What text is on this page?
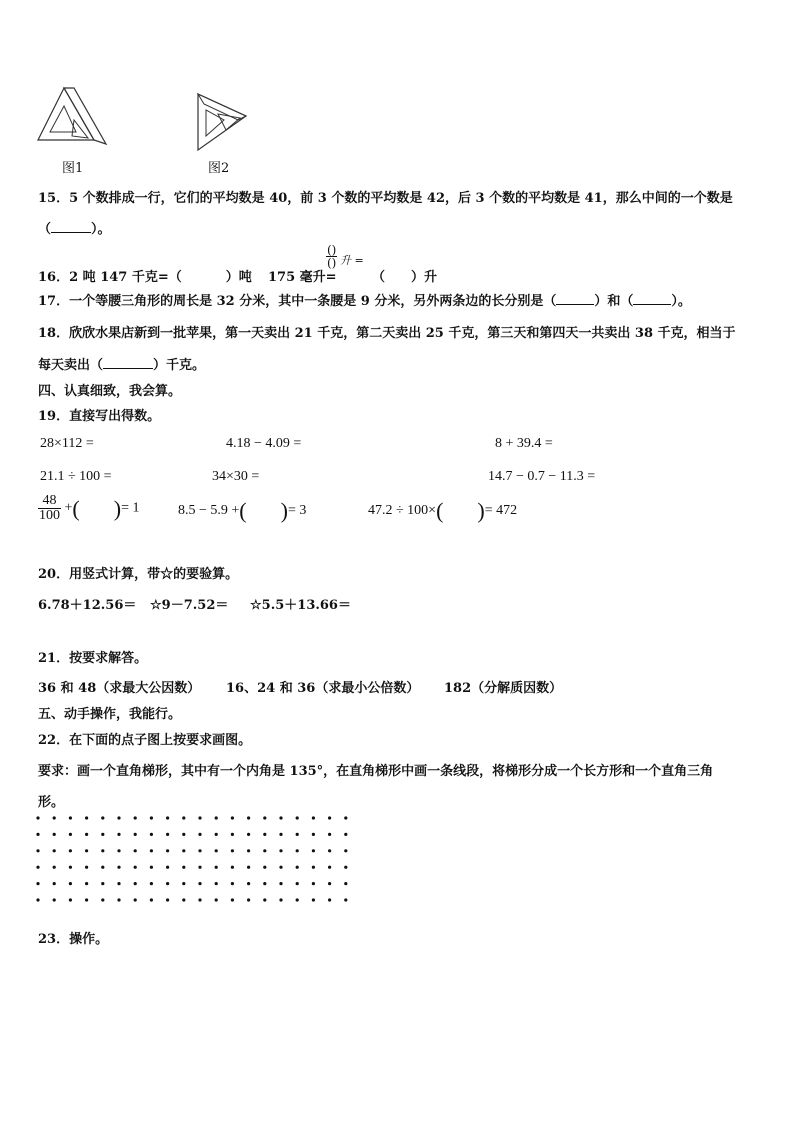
图1	图2
15．5 个数排成一行，它们的平均数是 40，前 3 个数的平均数是 42，后 3 个数的平均数是 41，那么中间的一个数是
（	）。
16．2 吨 147 千克=（	）吨 175 毫升=
()
() 升 =
（　　）升
17．一个等腰三角形的周长是 32 分米，其中一条腰是 9 分米，另外两条边的长分别是（	）和（	）。
18．欣欣水果店新到一批苹果，第一天卖出 21 千克，第二天卖出 25 千克，第三天和第四天一共卖出 38 千克，相当于
每天卖出（	）千克。
四、认真细致，我会算。
19．直接写出得数。
28×112 =	4.18 − 4.09 =	8 + 39.4 =
21.1 ÷ 100 =	34×30 =	14.7 − 0.7 − 11.3 =
$\frac{48}{100}$ +( )= 1	8.5 − 5.9 +( )= 3	47.2 ÷ 100×( )= 472
20．用竖式计算，带☆的要验算。
6.78＋12.56＝ ☆9－7.52＝ ☆5.5＋13.66＝
21．按要求解答。
36 和 48（求最大公因数） 16、24 和 36（求最小公倍数） 182（分解质因数）
五、动手操作，我能行。
22．在下面的点子图上按要求画图。
要求：画一个直角梯形，其中有一个内角是 135°，在直角梯形中画一条线段，将梯形分成一个长方形和一个直角三角
形。
23．操作。
